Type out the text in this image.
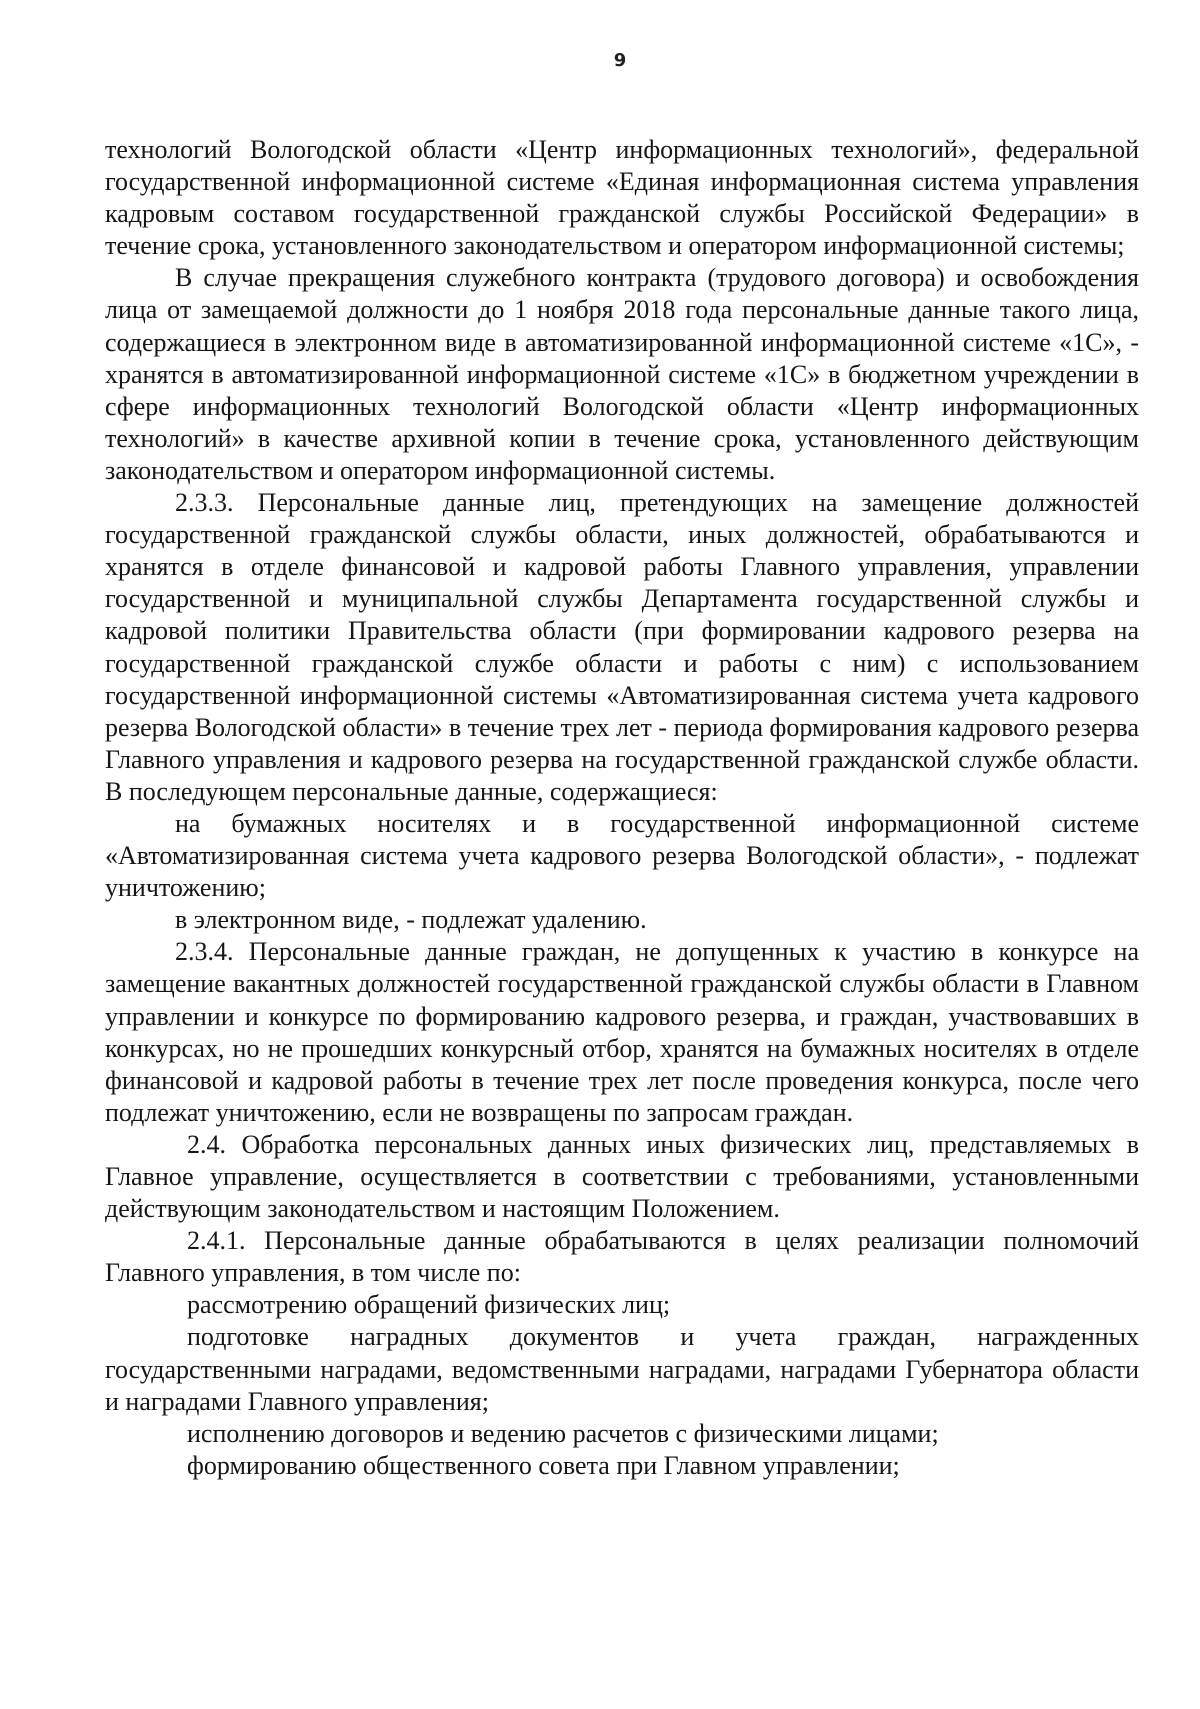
9

технологий Вологодской области «Центр информационных технологий», федеральной государственной информационной системе «Единая информационная система управления кадровым составом государственной гражданской службы Российской Федерации» в течение срока, установленного законодательством и оператором информационной системы;

В случае прекращения служебного контракта (трудового договора) и освобождения лица от замещаемой должности до 1 ноября 2018 года персональные данные такого лица, содержащиеся в электронном виде в автоматизированной информационной системе «1С», - хранятся в автоматизированной информационной системе «1С» в бюджетном учреждении в сфере информационных технологий Вологодской области «Центр информационных технологий» в качестве архивной копии в течение срока, установленного действующим законодательством и оператором информационной системы.

2.3.3. Персональные данные лиц, претендующих на замещение должностей государственной гражданской службы области, иных должностей, обрабатываются и хранятся в отделе финансовой и кадровой работы Главного управления, управлении государственной и муниципальной службы Департамента государственной службы и кадровой политики Правительства области (при формировании кадрового резерва на государственной гражданской службе области и работы с ним) с использованием государственной информационной системы «Автоматизированная система учета кадрового резерва Вологодской области» в течение трех лет - периода формирования кадрового резерва Главного управления и кадрового резерва на государственной гражданской службе области. В последующем персональные данные, содержащиеся:

на бумажных носителях и в государственной информационной системе «Автоматизированная система учета кадрового резерва Вологодской области», - подлежат уничтожению;

в электронном виде, - подлежат удалению.

2.3.4. Персональные данные граждан, не допущенных к участию в конкурсе на замещение вакантных должностей государственной гражданской службы области в Главном управлении и конкурсе по формированию кадрового резерва, и граждан, участвовавших в конкурсах, но не прошедших конкурсный отбор, хранятся на бумажных носителях в отделе финансовой и кадровой работы в течение трех лет после проведения конкурса, после чего подлежат уничтожению, если не возвращены по запросам граждан.

2.4. Обработка персональных данных иных физических лиц, представляемых в Главное управление, осуществляется в соответствии с требованиями, установленными действующим законодательством и настоящим Положением.

2.4.1. Персональные данные обрабатываются в целях реализации полномочий Главного управления, в том числе по:

рассмотрению обращений физических лиц;

подготовке наградных документов и учета граждан, награжденных государственными наградами, ведомственными наградами, наградами Губернатора области и наградами Главного управления;

исполнению договоров и ведению расчетов с физическими лицами;

формированию общественного совета при Главном управлении;
